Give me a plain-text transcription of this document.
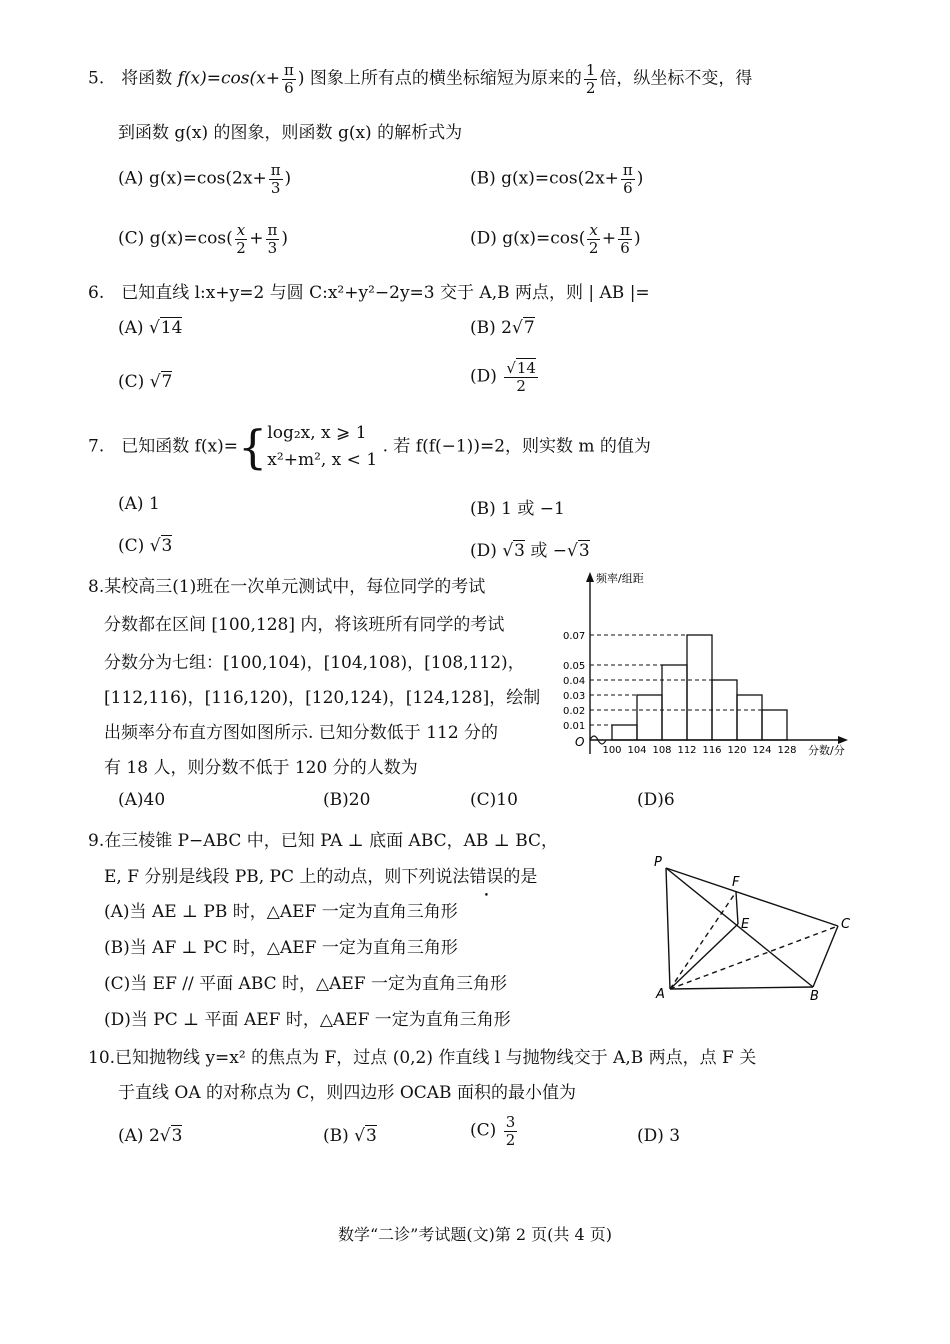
5.　将函数 $f(x)=\cos(x+ \frac{\pi}{6}$ ) 图象上所有点的横坐标缩短为原来的 $\frac{1}{2}$ 倍，纵坐标不变，得
到函数 g(x) 的图象，则函数 g(x) 的解析式为
(A) $g(x)=\cos(2x+ \frac{\pi}{3}$ )	(B) $g(x)=\cos(2x+ \frac{\pi}{6}$ )
(C) $g(x)=\cos( \frac{x}{2} + \frac{\pi}{3}$ )	(D) $g(x)=\cos( \frac{x}{2} + \frac{\pi}{6}$ )
6.　已知直线 l:x+y=2 与圆 C:x²+y²−2y=3 交于 A,B 两点，则 | AB |=
(A) √14	(B) 2√7
(C) √7	$(D) \frac{√14}{2}$
7.　已知函数 f(x)={log₂x, x ⩾ 1
x²+m², x < 1 . 若 f(f(−1))=2，则实数 m 的值为
(A) 1	(B) 1 或 −1
(C) √3	(D) √3 或 −√3
8.某校高三(1)班在一次单元测试中，每位同学的考试
分数都在区间 [100,128] 内，将该班所有同学的考试
分数分为七组：[100,104)，[104,108)，[108,112)，
[112,116)，[116,120)，[120,124)，[124,128]，绘制
出频率分布直方图如图所示. 已知分数低于 112 分的
有 18 人，则分数不低于 120 分的人数为
(A)40	(B)20	(C)10	(D)6
频率/组距
分数/分
O
100 104 108 112 116 120 124 128
0.01
0.02
0.03
0.04
0.05
0.07
9.在三棱锥 P−ABC 中，已知 PA ⊥ 底面 ABC，AB ⊥ BC，
E, F 分别是线段 PB, PC 上的动点，则下列说法错误的是
(A)当 AE ⊥ PB 时，△AEF 一定为直角三角形
(B)当 AF ⊥ PC 时，△AEF 一定为直角三角形
(C)当 EF // 平面 ABC 时，△AEF 一定为直角三角形
(D)当 PC ⊥ 平面 AEF 时，△AEF 一定为直角三角形
P
F
E	C
A	B
10.已知抛物线 y=x² 的焦点为 F，过点 (0,2) 作直线 l 与抛物线交于 A,B 两点，点 F 关
于直线 OA 的对称点为 C，则四边形 OCAB 面积的最小值为
(A) 2√3	(B) √3	$(C) \frac{3}{2}$	(D) 3
数学“二诊”考试题(文)第 2 页(共 4 页)
